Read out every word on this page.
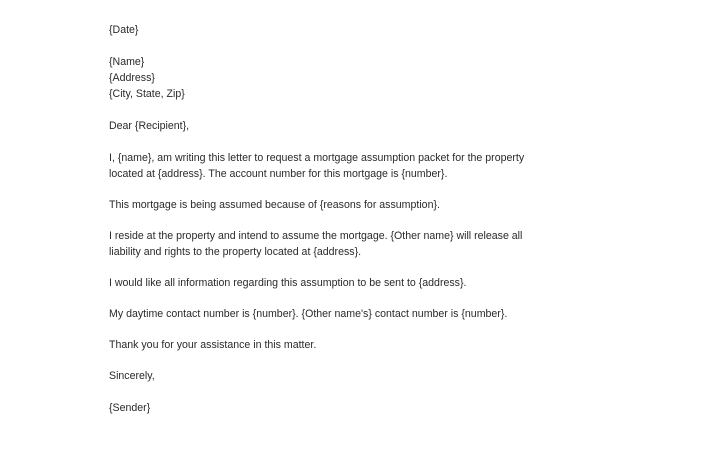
{Date}
{Name}
{Address}
{City, State, Zip}
Dear {Recipient},

I, {name}, am writing this letter to request a mortgage assumption packet for the property

located at {address}. The account number for this mortgage is {number}.

This mortgage is being assumed because of {reasons for assumption}.

I reside at the property and intend to assume the mortgage. {Other name} will release all

liability and rights to the property located at {address}.

I would like all information regarding this assumption to be sent to {address}.

My daytime contact number is {number}. {Other name's} contact number is {number}.

Thank you for your assistance in this matter.

Sincerely,
{Sender}
